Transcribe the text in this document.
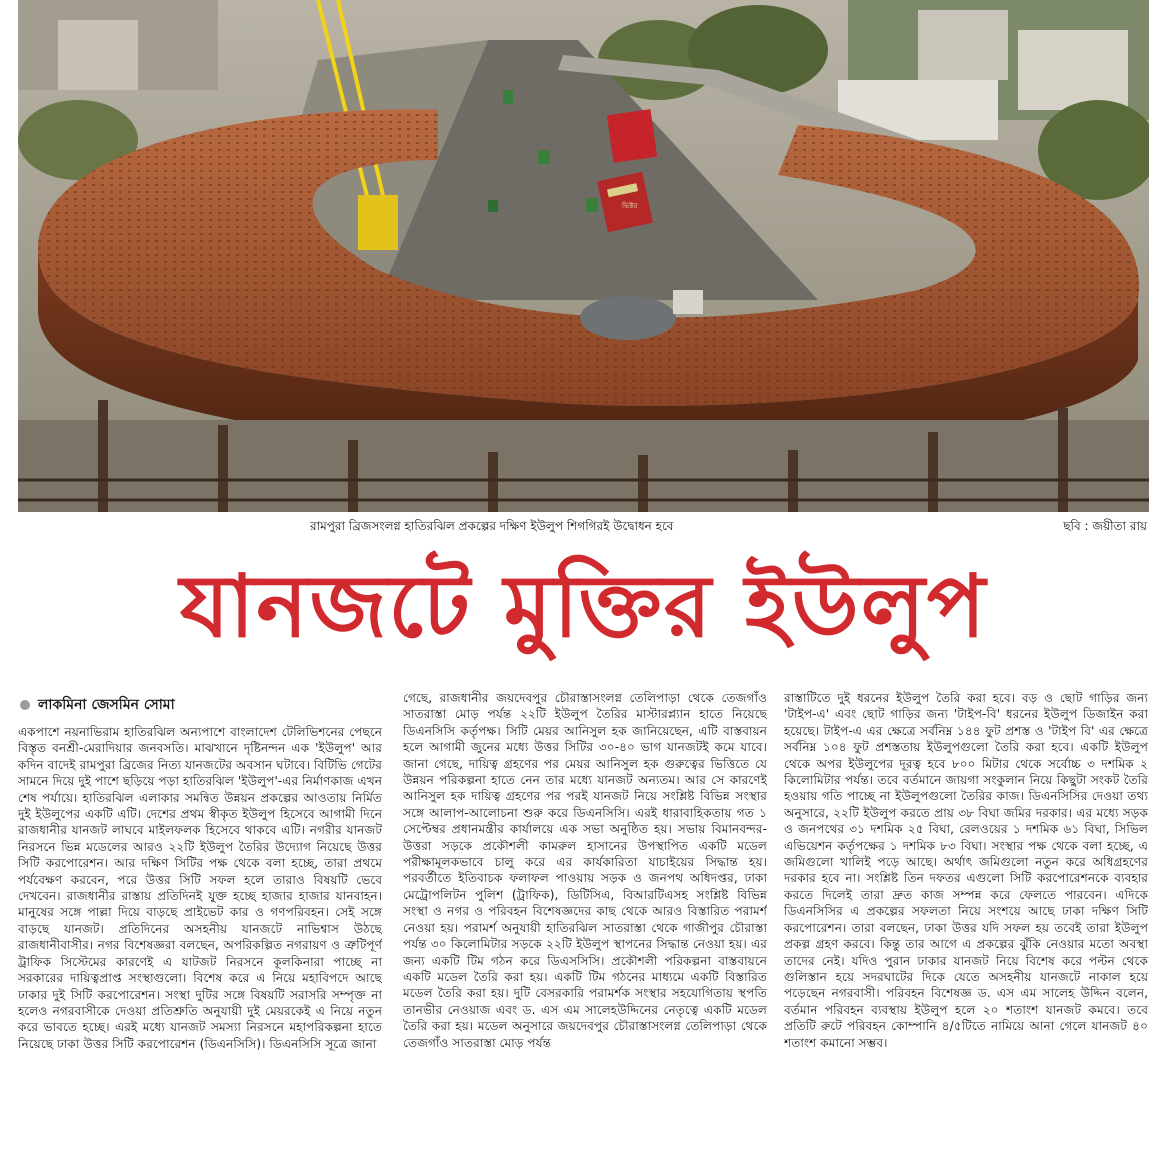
ভিক্টর
রামপুরা ব্রিজসংলগ্ন হাতিরঝিল প্রকল্পের দক্ষিণ ইউলুপ শিগগিরই উদ্বোধন হবে	ছবি : জয়ীতা রায়
যানজটে মুক্তির ইউলুপ
লাকমিনা জেসমিন সোমা

একপাশে নয়নাভিরাম হাতিরঝিল অন্যপাশে বাংলাদেশ টেলিভিশনের পেছনে বিস্তৃত বনশ্রী-মেরাদিয়ার জনবসতি। মাঝখানে দৃষ্টিনন্দন এক 'ইউলুপ' আর কদিন বাদেই রামপুরা ব্রিজের নিত্য যানজটের অবসান ঘটাবে। বিটিভি গেটের সামনে দিয়ে দুই পাশে ছড়িয়ে পড়া হাতিরঝিল 'ইউলুপ'-এর নির্মাণকাজ এখন শেষ পর্যায়ে। হাতিরঝিল এলাকার সমন্বিত উন্নয়ন প্রকল্পের আওতায় নির্মিত দুই ইউলুপের একটি এটি। দেশের প্রথম স্বীকৃত ইউলুপ হিসেবে আগামী দিনে রাজধানীর যানজট লাঘবে মাইলফলক হিসেবে থাকবে এটি। নগরীর যানজট নিরসনে ভিন্ন মডেলের আরও ২২টি ইউলুপ তৈরির উদ্যোগ নিয়েছে উত্তর সিটি করপোরেশন। আর দক্ষিণ সিটির পক্ষ থেকে বলা হচ্ছে, তারা প্রথমে পর্যবেক্ষণ করবেন, পরে উত্তর সিটি সফল হলে তারাও বিষয়টি ভেবে দেখবেন। রাজধানীর রাস্তায় প্রতিদিনই যুক্ত হচ্ছে হাজার হাজার যানবাহন। মানুষের সঙ্গে পাল্লা দিয়ে বাড়ছে প্রাইভেট কার ও গণপরিবহন। সেই সঙ্গে বাড়ছে যানজট। প্রতিদিনের অসহনীয় যানজটে নাভিশ্বাস উঠছে রাজধানীবাসীর। নগর বিশেষজ্ঞরা বলছেন, অপরিকল্পিত নগরায়ণ ও ত্রুটিপূর্ণ ট্রাফিক সিস্টেমের কারণেই এ যাটজট নিরসনে কূলকিনারা পাচ্ছে না সরকারের দায়িত্বপ্রাপ্ত সংস্থাগুলো। বিশেষ করে এ নিয়ে মহাবিপদে আছে ঢাকার দুই সিটি করপোরেশন। সংস্থা দুটির সঙ্গে বিষয়টি সরাসরি সম্পৃক্ত না হলেও নগরবাসীকে দেওয়া প্রতিশ্রুতি অনুযায়ী দুই মেয়রকেই এ নিয়ে নতুন করে ভাবতে হচ্ছে। এরই মধ্যে যানজট সমস্যা নিরসনে মহাপরিকল্পনা হাতে নিয়েছে ঢাকা উত্তর সিটি করপোরেশন (ডিএনসিসি)। ডিএনসিসি সূত্রে জানা

গেছে, রাজধানীর জয়দেবপুর চৌরাস্তাসংলগ্ন তেলিপাড়া থেকে তেজগাঁও সাতরাস্তা মোড় পর্যন্ত ২২টি ইউলুপ তৈরির মাস্টারপ্ল্যান হাতে নিয়েছে ডিএনসিসি কর্তৃপক্ষ। সিটি মেয়র আনিসুল হক জানিয়েছেন, এটি বাস্তবায়ন হলে আগামী জুনের মধ্যে উত্তর সিটির ৩০-৪০ ভাগ যানজটই কমে যাবে। জানা গেছে, দায়িত্ব গ্রহণের পর মেয়র আনিসুল হক গুরুত্বের ভিত্তিতে যে উন্নয়ন পরিকল্পনা হাতে নেন তার মধ্যে যানজট অন্যতম। আর সে কারণেই আনিসুল হক দায়িত্ব গ্রহণের পর পরই যানজট নিয়ে সংশ্লিষ্ট বিভিন্ন সংস্থার সঙ্গে আলাপ-আলোচনা শুরু করে ডিএনসিসি। এরই ধারাবাহিকতায় গত ১ সেপ্টেম্বর প্রধানমন্ত্রীর কার্যালয়ে এক সভা অনুষ্ঠিত হয়। সভায় বিমানবন্দর-উত্তরা সড়কে প্রকৌশলী কামরুল হাসানের উপস্থাপিত একটি মডেল পরীক্ষামূলকভাবে চালু করে এর কার্যকারিতা যাচাইয়ের সিদ্ধান্ত হয়। পরবর্তীতে ইতিবাচক ফলাফল পাওয়ায় সড়ক ও জনপথ অধিদপ্তর, ঢাকা মেট্রোপলিটন পুলিশ (ট্রাফিক), ডিটিসিএ, বিআরটিএসহ সংশ্লিষ্ট বিভিন্ন সংস্থা ও নগর ও পরিবহন বিশেষজ্ঞদের কাছ থেকে আরও বিস্তারিত পরামর্শ নেওয়া হয়। পরামর্শ অনুযায়ী হাতিরঝিল সাতরাস্তা থেকে গাজীপুর চৌরাস্তা পর্যন্ত ৩০ কিলোমিটার সড়কে ২২টি ইউলুপ স্থাপনের সিদ্ধান্ত নেওয়া হয়। এর জন্য একটি টিম গঠন করে ডিএসসিসি। প্রকৌশলী পরিকল্পনা বাস্তবায়নে একটি মডেল তৈরি করা হয়। একটি টিম গঠনের মাধ্যমে একটি বিস্তারিত মডেল তৈরি করা হয়। দুটি বেসরকারি পরামর্শক সংস্থার সহযোগিতায় স্থপতি তানভীর নেওয়াজ এবং ড. এস এম সালেহউদ্দিনের নেতৃত্বে একটি মডেল তৈরি করা হয়। মডেল অনুসারে জয়দেবপুর চৌরাস্তাসংলগ্ন তেলিপাড়া থেকে তেজগাঁও সাতরাস্তা মোড় পর্যন্ত

রাস্তাটিতে দুই ধরনের ইউলুপ তৈরি করা হবে। বড় ও ছোট গাড়ির জন্য 'টাইপ-এ' এবং ছোট গাড়ির জন্য 'টাইপ-বি' ধরনের ইউলুপ ডিজাইন করা হয়েছে। টাইপ-এ এর ক্ষেত্রে সর্বনিম্ন ১৪৪ ফুট প্রশস্ত ও 'টাইপ বি' এর ক্ষেত্রে সর্বনিম্ন ১০৪ ফুট প্রশস্ততায় ইউলুপগুলো তৈরি করা হবে। একটি ইউলুপ থেকে অপর ইউলুপের দূরত্ব হবে ৮০০ মিটার থেকে সর্বোচ্চ ৩ দশমিক ২ কিলোমিটার পর্যন্ত। তবে বর্তমানে জায়গা সংকুলান নিয়ে কিছুটা সংকট তৈরি হওয়ায় গতি পাচ্ছে না ইউলুপগুলো তৈরির কাজ। ডিএনসিসির দেওয়া তথ্য অনুসারে, ২২টি ইউলুপ করতে প্রায় ৩৮ বিঘা জমির দরকার। এর মধ্যে সড়ক ও জনপথের ৩১ দশমিক ২৫ বিঘা, রেলওয়ের ১ দশমিক ৬১ বিঘা, সিভিল এভিয়েশন কর্তৃপক্ষের ১ দশমিক ৮৩ বিঘা। সংস্থার পক্ষ থেকে বলা হচ্ছে, এ জমিগুলো খালিই পড়ে আছে। অর্থাৎ জমিগুলো নতুন করে অধিগ্রহণের দরকার হবে না। সংশ্লিষ্ট তিন দফতর এগুলো সিটি করপোরেশনকে ব্যবহার করতে দিলেই তারা দ্রুত কাজ সম্পন্ন করে ফেলতে পারবেন। এদিকে ডিএনসিসির এ প্রকল্পের সফলতা নিয়ে সংশয়ে আছে ঢাকা দক্ষিণ সিটি করপোরেশন। তারা বলছেন, ঢাকা উত্তর যদি সফল হয় তবেই তারা ইউলুপ প্রকল্প গ্রহণ করবে। কিন্তু তার আগে এ প্রকল্পের ঝুঁকি নেওয়ার মতো অবস্থা তাদের নেই। যদিও পুরান ঢাকার যানজট নিয়ে বিশেষ করে পল্টন থেকে গুলিস্তান হয়ে সদরঘাটের দিকে যেতে অসহনীয় যানজটে নাকাল হয়ে পড়েছেন নগরবাসী। পরিবহন বিশেষজ্ঞ ড. এস এম সালেহ উদ্দিন বলেন, বর্তমান পরিবহন ব্যবস্থায় ইউলুপ হলে ২০ শতাংশ যানজট কমবে। তবে প্রতিটি রুটে পরিবহন কোম্পানি ৪/৫টিতে নামিয়ে আনা গেলে যানজট ৪০ শতাংশ কমানো সম্ভব।
